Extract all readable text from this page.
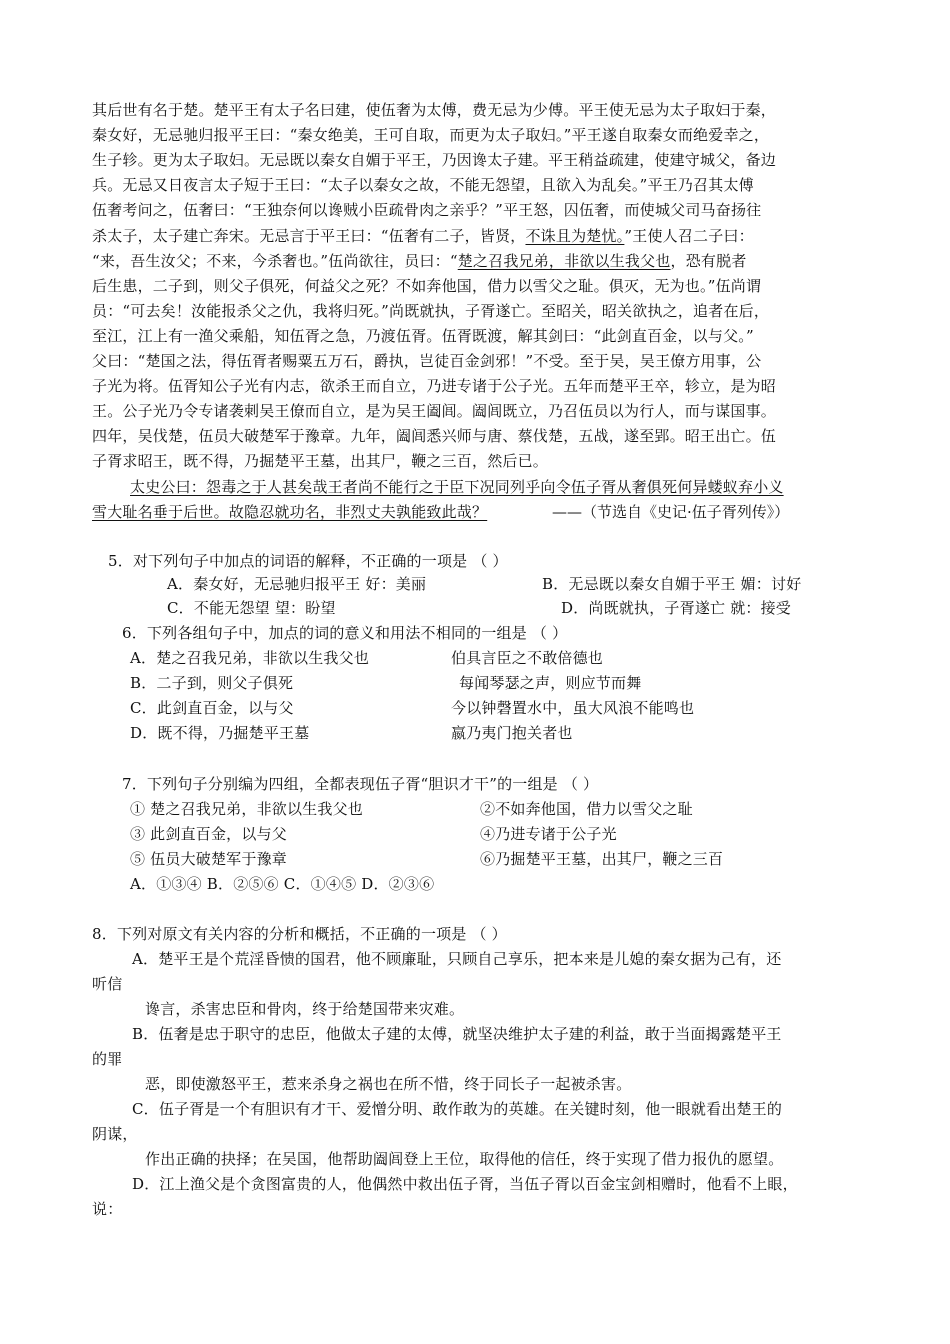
其后世有名于楚。楚平王有太子名曰建，使伍奢为太傅，费无忌为少傅。平王使无忌为太子取妇于秦，
秦女好，无忌驰归报平王曰：“秦女绝美，王可自取，而更为太子取妇。”平王遂自取秦女而绝爱幸之，
生子轸。更为太子取妇。无忌既以秦女自媚于平王，乃因谗太子建。平王稍益疏建，使建守城父，备边
兵。无忌又日夜言太子短于王曰：“太子以秦女之故，不能无怨望，且欲入为乱矣。”平王乃召其太傅
伍奢考问之，伍奢曰：“王独奈何以谗贼小臣疏骨肉之亲乎？”平王怒，囚伍奢，而使城父司马奋扬往
杀太子，太子建亡奔宋。无忌言于平王曰：“伍奢有二子，皆贤，不诛且为楚忧。”王使人召二子曰：
“来，吾生汝父；不来，今杀奢也。”伍尚欲往，员曰：“楚之召我兄弟，非欲以生我父也，恐有脱者
后生患，二子到，则父子俱死，何益父之死？不如奔他国，借力以雪父之耻。俱灭，无为也。”伍尚谓
员：“可去矣！汝能报杀父之仇，我将归死。”尚既就执，子胥遂亡。至昭关，昭关欲执之，追者在后，
至江，江上有一渔父乘船，知伍胥之急，乃渡伍胥。伍胥既渡，解其剑曰：“此剑直百金，以与父。”
父曰：“楚国之法，得伍胥者赐粟五万石，爵执，岂徒百金剑邪！”不受。至于吴，吴王僚方用事，公
子光为将。伍胥知公子光有内志，欲杀王而自立，乃进专诸于公子光。五年而楚平王卒，轸立，是为昭
王。公子光乃令专诸袭刺吴王僚而自立，是为吴王阖闾。阖闾既立，乃召伍员以为行人，而与谋国事。
四年，吴伐楚，伍员大破楚军于豫章。九年，阖闾悉兴师与唐、蔡伐楚，五战，遂至郢。昭王出亡。伍
子胥求昭王，既不得，乃掘楚平王墓，出其尸，鞭之三百，然后已。
太史公曰：怨毒之于人甚矣哉王者尚不能行之于臣下况同列乎向令伍子胥从奢俱死何异蝼蚁弃小义
雪大耻名垂于后世。故隐忍就功名，非烈丈夫孰能致此哉？	——（节选自《史记·伍子胥列传》）
5．对下列句子中加点的词语的解释，不正确的一项是 （ ）
A．秦女好，无忌驰归报平王 好：美丽	B．无忌既以秦女自媚于平王 媚：讨好
C．不能无怨望 望：盼望	D．尚既就执，子胥遂亡 就：接受
6．下列各组句子中，加点的词的意义和用法不相同的一组是 （ ）
A．楚之召我兄弟，非欲以生我父也	伯具言臣之不敢倍德也
B．二子到，则父子俱死	每闻琴瑟之声，则应节而舞
C．此剑直百金，以与父	今以钟磬置水中，虽大风浪不能鸣也
D．既不得，乃掘楚平王墓	嬴乃夷门抱关者也
7．下列句子分别编为四组，全都表现伍子胥“胆识才干”的一组是 （ ）
① 楚之召我兄弟，非欲以生我父也	②不如奔他国，借力以雪父之耻
③ 此剑直百金，以与父	④乃进专诸于公子光
⑤ 伍员大破楚军于豫章	⑥乃掘楚平王墓，出其尸，鞭之三百
A．①③④ B．②⑤⑥ C．①④⑤ D．②③⑥
8．下列对原文有关内容的分析和概括，不正确的一项是 （ ）
A．楚平王是个荒淫昏愦的国君，他不顾廉耻，只顾自己享乐，把本来是儿媳的秦女据为己有，还
听信
谗言，杀害忠臣和骨肉，终于给楚国带来灾难。
B．伍奢是忠于职守的忠臣，他做太子建的太傅，就坚决维护太子建的利益，敢于当面揭露楚平王
的罪
恶，即使激怒平王，惹来杀身之祸也在所不惜，终于同长子一起被杀害。
C．伍子胥是一个有胆识有才干、爱憎分明、敢作敢为的英雄。在关键时刻，他一眼就看出楚王的
阴谋，
作出正确的抉择；在吴国，他帮助阖闾登上王位，取得他的信任，终于实现了借力报仇的愿望。
D．江上渔父是个贪图富贵的人，他偶然中救出伍子胥，当伍子胥以百金宝剑相赠时，他看不上眼，
说：
